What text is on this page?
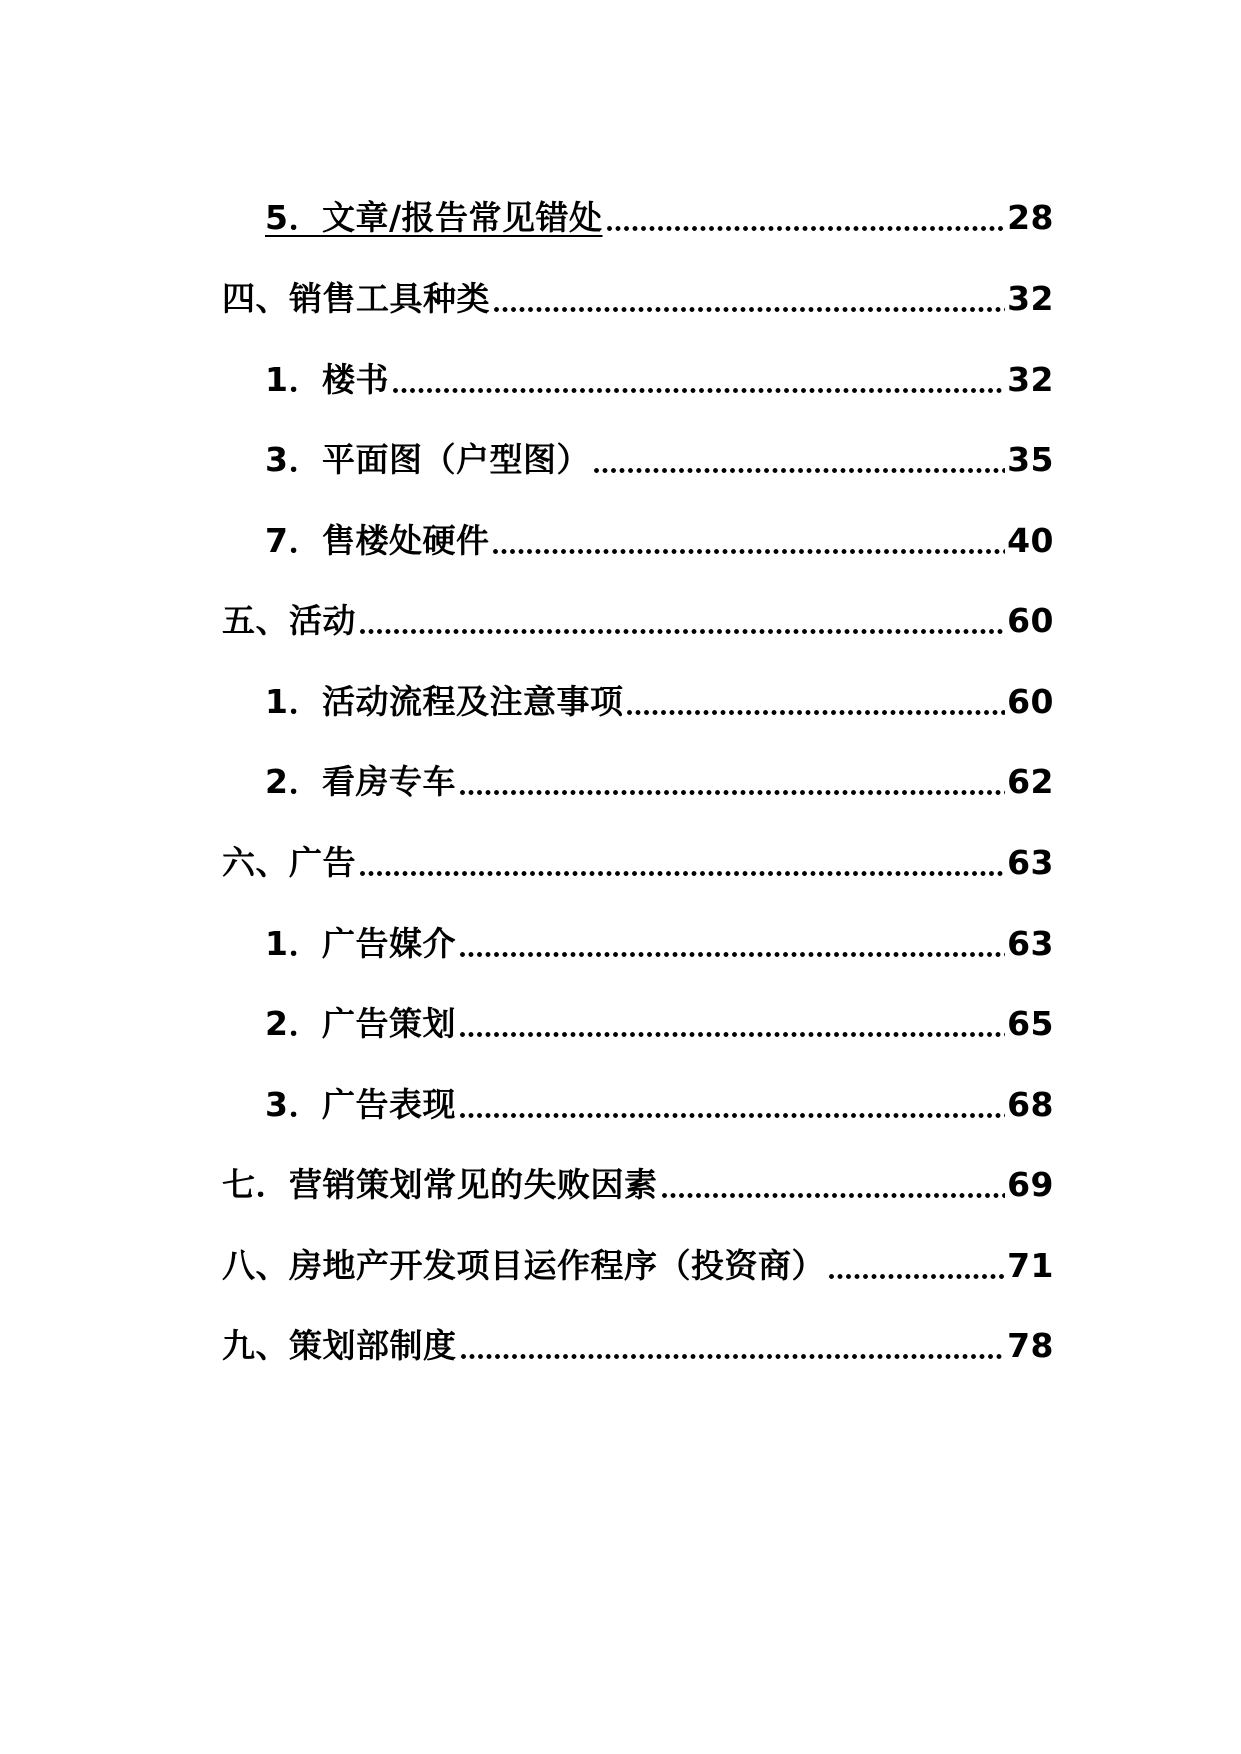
5．文章/报告常见错处	28
四、销售工具种类	32
1．楼书	32
3．平面图（户型图）	35
7．售楼处硬件	40
五、活动	60
1．活动流程及注意事项	60
2．看房专车	62
六、广告	63
1．广告媒介	63
2．广告策划	65
3．广告表现	68
七．营销策划常见的失败因素	69
八、房地产开发项目运作程序（投资商）	71
九、策划部制度	78
